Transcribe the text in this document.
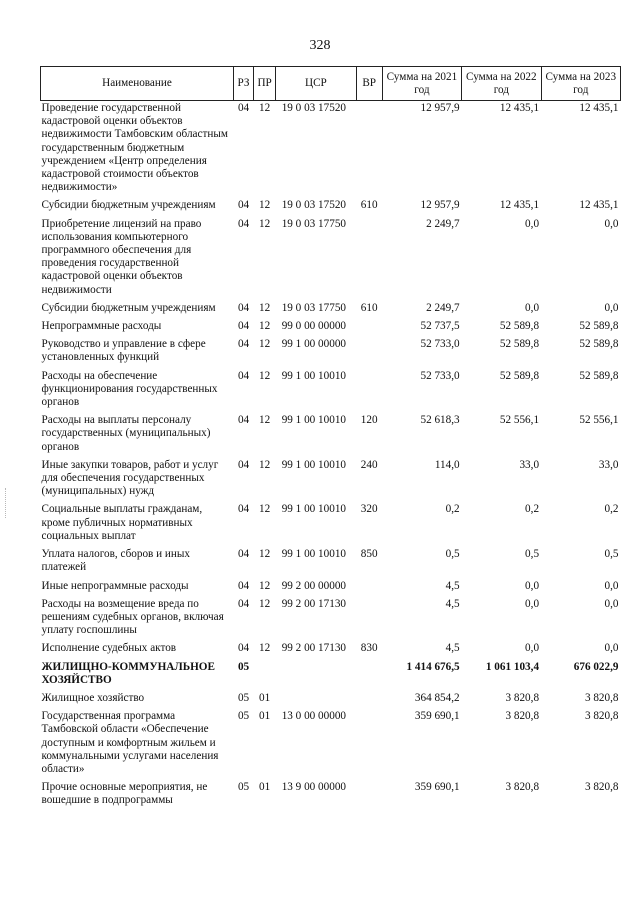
328
Наименование	РЗ	ПР	ЦСР	ВР	Сумма на 2021 год	Сумма на 2022 год	Сумма на 2023 год
Проведение государственной кадастровой оценки объектов недвижимости Тамбовским областным государственным бюджетным учреждением «Центр определения кадастровой стоимости объектов недвижимости»	04	12	19 0 03 17520		12 957,9	12 435,1	12 435,1
Субсидии бюджетным учреждениям	04	12	19 0 03 17520	610	12 957,9	12 435,1	12 435,1
Приобретение лицензий на право использования компьютерного программного обеспечения для проведения государственной кадастровой оценки объектов недвижимости	04	12	19 0 03 17750		2 249,7	0,0	0,0
Субсидии бюджетным учреждениям	04	12	19 0 03 17750	610	2 249,7	0,0	0,0
Непрограммные расходы	04	12	99 0 00 00000		52 737,5	52 589,8	52 589,8
Руководство и управление в сфере установленных функций	04	12	99 1 00 00000		52 733,0	52 589,8	52 589,8
Расходы на обеспечение функционирования государственных органов	04	12	99 1 00 10010		52 733,0	52 589,8	52 589,8
Расходы на выплаты персоналу государственных (муниципальных) органов	04	12	99 1 00 10010	120	52 618,3	52 556,1	52 556,1
Иные закупки товаров, работ и услуг для обеспечения государственных (муниципальных) нужд	04	12	99 1 00 10010	240	114,0	33,0	33,0
Социальные выплаты гражданам, кроме публичных нормативных социальных выплат	04	12	99 1 00 10010	320	0,2	0,2	0,2
Уплата налогов, сборов и иных платежей	04	12	99 1 00 10010	850	0,5	0,5	0,5
Иные непрограммные расходы	04	12	99 2 00 00000		4,5	0,0	0,0
Расходы на возмещение вреда по решениям судебных органов, включая уплату госпошлины	04	12	99 2 00 17130		4,5	0,0	0,0
Исполнение судебных актов	04	12	99 2 00 17130	830	4,5	0,0	0,0
ЖИЛИЩНО-КОММУНАЛЬНОЕ ХОЗЯЙСТВО	05				1 414 676,5	1 061 103,4	676 022,9
Жилищное хозяйство	05	01			364 854,2	3 820,8	3 820,8
Государственная программа Тамбовской области «Обеспечение доступным и комфортным жильем и коммунальными услугами населения области»	05	01	13 0 00 00000		359 690,1	3 820,8	3 820,8
Прочие основные мероприятия, не вошедшие в подпрограммы	05	01	13 9 00 00000		359 690,1	3 820,8	3 820,8
